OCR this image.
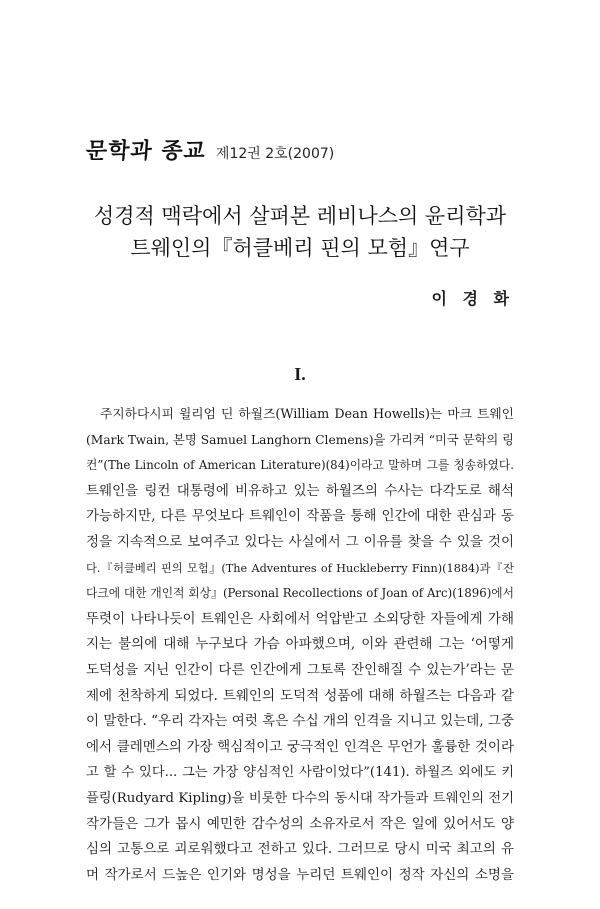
문학과 종교 제12권 2호(2007)
성경적 맥락에서 살펴본 레비나스의 윤리학과
트웨인의『허클베리 핀의 모험』연구
이 경 화
I.
주지하다시피 윌리엄 딘 하월즈(William Dean Howells)는 마크 트웨인
(Mark Twain, 본명 Samuel Langhorn Clemens)을 가리켜 “미국 문학의 링
컨”(The Lincoln of American Literature)(84)이라고 말하며 그를 칭송하였다.
트웨인을 링컨 대통령에 비유하고 있는 하월즈의 수사는 다각도로 해석
가능하지만, 다른 무엇보다 트웨인이 작품을 통해 인간에 대한 관심과 동
정을 지속적으로 보여주고 있다는 사실에서 그 이유를 찾을 수 있을 것이
다.『허클베리 핀의 모험』(The Adventures of Huckleberry Finn)(1884)과『잔
다크에 대한 개인적 회상』(Personal Recollections of Joan of Arc)(1896)에서
뚜렷이 나타나듯이 트웨인은 사회에서 억압받고 소외당한 자들에게 가해
지는 불의에 대해 누구보다 가슴 아파했으며, 이와 관련해 그는 ‘어떻게
도덕성을 지닌 인간이 다른 인간에게 그토록 잔인해질 수 있는가’라는 문
제에 천착하게 되었다. 트웨인의 도덕적 성품에 대해 하월즈는 다음과 같
이 말한다. “우리 각자는 여럿 혹은 수십 개의 인격을 지니고 있는데, 그중
에서 클레멘스의 가장 핵심적이고 궁극적인 인격은 무언가 훌륭한 것이라
고 할 수 있다... 그는 가장 양심적인 사람이었다”(141). 하월즈 외에도 키
플링(Rudyard Kipling)을 비롯한 다수의 동시대 작가들과 트웨인의 전기
작가들은 그가 몹시 예민한 감수성의 소유자로서 작은 일에 있어서도 양
심의 고통으로 괴로워했다고 전하고 있다. 그러므로 당시 미국 최고의 유
머 작가로서 드높은 인기와 명성을 누리던 트웨인이 정작 자신의 소명을
